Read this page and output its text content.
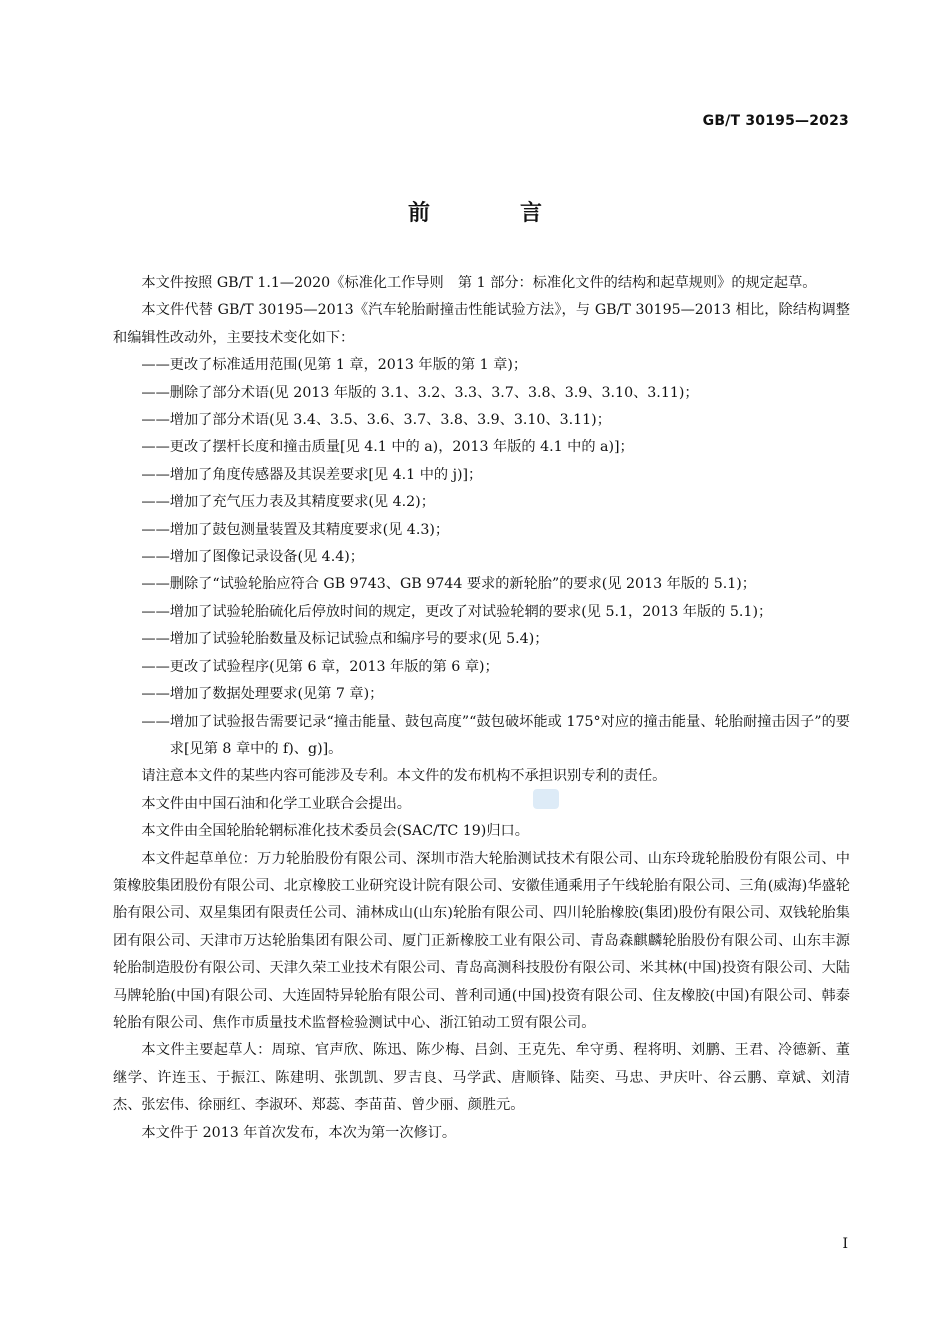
GB/T 30195—2023
前　言

本文件按照 GB/T 1.1—2020《标准化工作导则　第 1 部分：标准化文件的结构和起草规则》的规定起草。

本文件代替 GB/T 30195—2013《汽车轮胎耐撞击性能试验方法》，与 GB/T 30195—2013 相比，除结构调整和编辑性改动外，主要技术变化如下：

——更改了标准适用范围(见第 1 章，2013 年版的第 1 章)；

——删除了部分术语(见 2013 年版的 3.1、3.2、3.3、3.7、3.8、3.9、3.10、3.11)；

——增加了部分术语(见 3.4、3.5、3.6、3.7、3.8、3.9、3.10、3.11)；

——更改了摆杆长度和撞击质量[见 4.1 中的 a)，2013 年版的 4.1 中的 a)]；

——增加了角度传感器及其误差要求[见 4.1 中的 j)]；

——增加了充气压力表及其精度要求(见 4.2)；

——增加了鼓包测量装置及其精度要求(见 4.3)；

——增加了图像记录设备(见 4.4)；

——删除了“试验轮胎应符合 GB 9743、GB 9744 要求的新轮胎”的要求(见 2013 年版的 5.1)；

——增加了试验轮胎硫化后停放时间的规定，更改了对试验轮辋的要求(见 5.1，2013 年版的 5.1)；

——增加了试验轮胎数量及标记试验点和编序号的要求(见 5.4)；

——更改了试验程序(见第 6 章，2013 年版的第 6 章)；

——增加了数据处理要求(见第 7 章)；

——增加了试验报告需要记录“撞击能量、鼓包高度”“鼓包破坏能或 175°对应的撞击能量、轮胎耐撞击因子”的要求[见第 8 章中的 f)、g)]。

请注意本文件的某些内容可能涉及专利。本文件的发布机构不承担识别专利的责任。

本文件由中国石油和化学工业联合会提出。

本文件由全国轮胎轮辋标准化技术委员会(SAC/TC 19)归口。

本文件起草单位：万力轮胎股份有限公司、深圳市浩大轮胎测试技术有限公司、山东玲珑轮胎股份有限公司、中策橡胶集团股份有限公司、北京橡胶工业研究设计院有限公司、安徽佳通乘用子午线轮胎有限公司、三角(威海)华盛轮胎有限公司、双星集团有限责任公司、浦林成山(山东)轮胎有限公司、四川轮胎橡胶(集团)股份有限公司、双钱轮胎集团有限公司、天津市万达轮胎集团有限公司、厦门正新橡胶工业有限公司、青岛森麒麟轮胎股份有限公司、山东丰源轮胎制造股份有限公司、天津久荣工业技术有限公司、青岛高测科技股份有限公司、米其林(中国)投资有限公司、大陆马牌轮胎(中国)有限公司、大连固特异轮胎有限公司、普利司通(中国)投资有限公司、住友橡胶(中国)有限公司、韩泰轮胎有限公司、焦作市质量技术监督检验测试中心、浙江铂动工贸有限公司。

本文件主要起草人：周琼、官声欣、陈迅、陈少梅、吕剑、王克先、牟守勇、程将明、刘鹏、王君、冷德新、董继学、许连玉、于振江、陈建明、张凯凯、罗吉良、马学武、唐顺锋、陆奕、马忠、尹庆叶、谷云鹏、章斌、刘清杰、张宏伟、徐丽红、李淑环、郑蕊、李苗苗、曾少丽、颜胜元。

本文件于 2013 年首次发布，本次为第一次修订。

I
